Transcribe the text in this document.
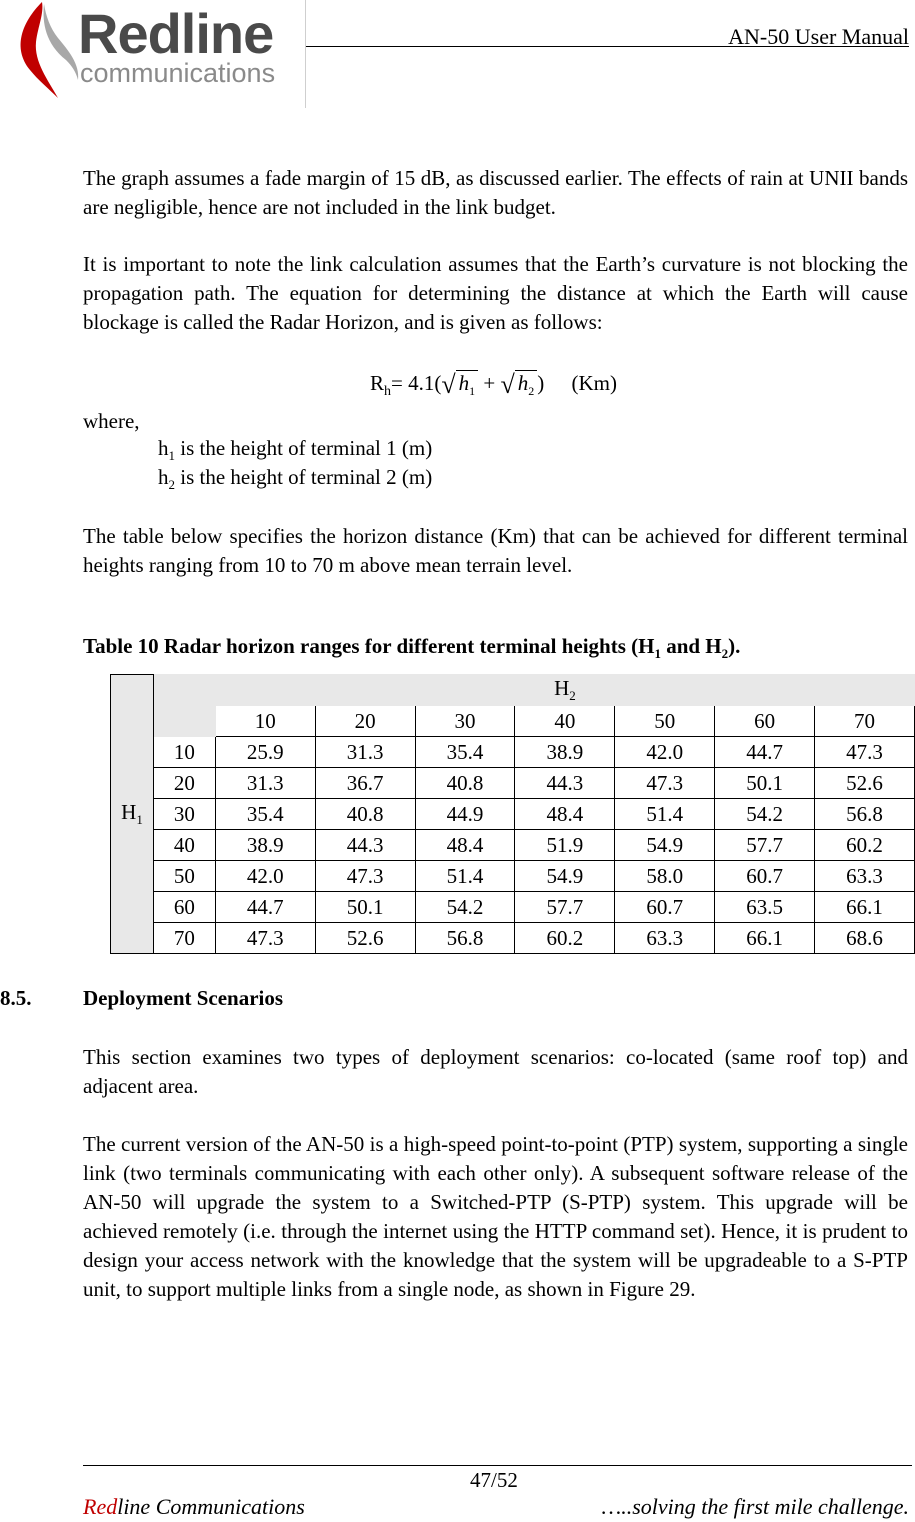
Redline
communications
AN-50 User Manual
The graph assumes a fade margin of 15 dB, as discussed earlier. The effects of rain at UNII bands are negligible, hence are not included in the link budget.
It is important to note the link calculation assumes that the Earth’s curvature is not blocking the propagation path. The equation for determining the distance at which the Earth will cause blockage is called the Radar Horizon, and is given as follows:
$R_h= 4.1(√$ $h_1$ + √ $h_2$ ) (Km)
where,
$h_1$ is the height of terminal 1 (m)
$h_2$ is the height of terminal 2 (m)
The table below specifies the horizon distance (Km) that can be achieved for different terminal heights ranging from 10 to 70 m above mean terrain level.
Table 10 Radar horizon ranges for different terminal heights ($H_1$ and $H_2$).
$H_1$		$H_2$
		10	20	30	40	50	60	70
	10	25.9	31.3	35.4	38.9	42.0	44.7	47.3
	20	31.3	36.7	40.8	44.3	47.3	50.1	52.6
	30	35.4	40.8	44.9	48.4	51.4	54.2	56.8
	40	38.9	44.3	48.4	51.9	54.9	57.7	60.2
	50	42.0	47.3	51.4	54.9	58.0	60.7	63.3
	60	44.7	50.1	54.2	57.7	60.7	63.5	66.1
	70	47.3	52.6	56.8	60.2	63.3	66.1	68.6
8.5. Deployment Scenarios
This section examines two types of deployment scenarios: co-located (same roof top) and adjacent area.
The current version of the AN-50 is a high-speed point-to-point (PTP) system, supporting a single link (two terminals communicating with each other only). A subsequent software release of the AN-50 will upgrade the system to a Switched-PTP (S-PTP) system. This upgrade will be achieved remotely (i.e. through the internet using the HTTP command set). Hence, it is prudent to design your access network with the knowledge that the system will be upgradeable to a S-PTP unit, to support multiple links from a single node, as shown in Figure 29.
47/52
Redline Communications	…..solving the first mile challenge.
